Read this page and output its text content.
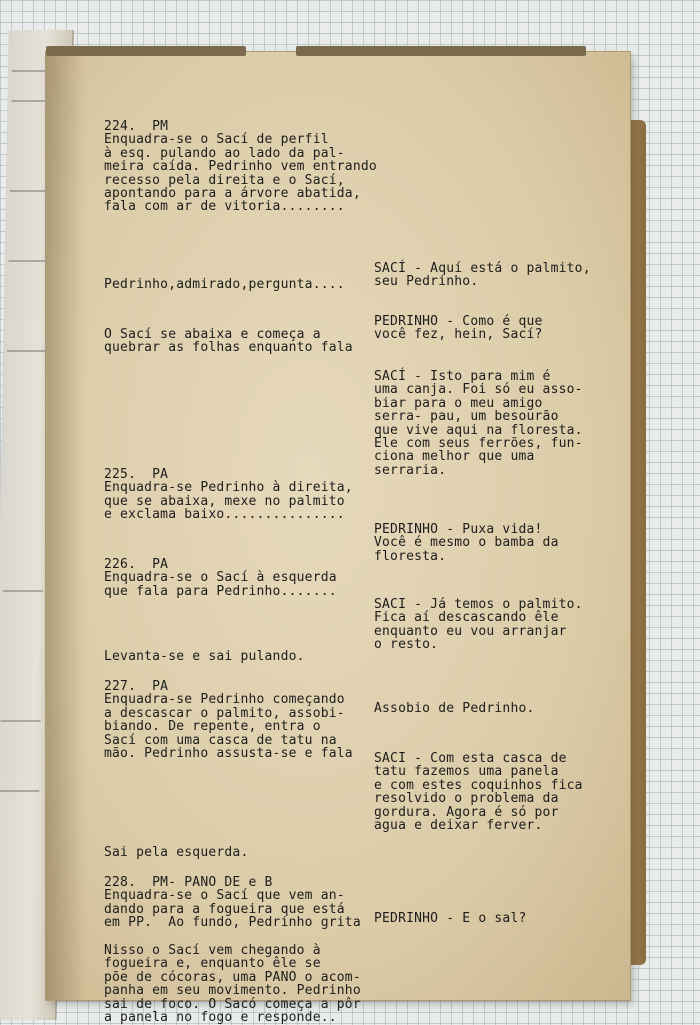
224.  PM
Enquadra-se o Sací de perfil
à esq. pulando ao lado da pal-
meira caída. Pedrinho vem entrando
recesso pela direita e o Sací,
apontando para a árvore abatida,
fala com ar de vitoria........
Pedrinho,admirado,pergunta....
O Sací se abaixa e começa a
quebrar as folhas enquanto fala
225.  PA
Enquadra-se Pedrinho à direita,
que se abaixa, mexe no palmito
e exclama baixo...............
226.  PA
Enquadra-se o Sací à esquerda
que fala para Pedrinho.......
Levanta-se e sai pulando.
227.  PA
Enquadra-se Pedrinho começando
a descascar o palmito, assobi-
biando. De repente, entra o
Sací com uma casca de tatu na
mão. Pedrinho assusta-se e fala
Sai pela esquerda.
228.  PM- PANO DE e B
Enquadra-se o Sací que vem an-
dando para a fogueira que está
em PP.  Ao fundo, Pedrinho grita
Nisso o Sací vem chegando à
fogueira e, enquanto êle se
põe de cócoras, uma PANO o acom-
panha em seu movimento. Pedrinho
sai de foco. O Sacó começa a pôr
a panela no fogo e responde..
SACÍ - Aquí está o palmito,
seu Pedrinho.
PEDRINHO - Como é que
você fez, hein, Sací?
SACÍ - Isto para mim é
uma canja. Foi só eu asso-
biar para o meu amigo
serra- pau, um besourão
que vive aqui na floresta.
Ele com seus ferrões, fun-
ciona melhor que uma
serraria.
PEDRINHO - Puxa vida!
Você é mesmo o bamba da
floresta.
SACI - Já temos o palmito.
Fica aí descascando êle
enquanto eu vou arranjar
o resto.
Assobio de Pedrinho.
SACI - Com esta casca de
tatu fazemos uma panela
e com estes coquinhos fica
resolvido o problema da
gordura. Agora é só por
agua e deixar ferver.
PEDRINHO - E o sal?
